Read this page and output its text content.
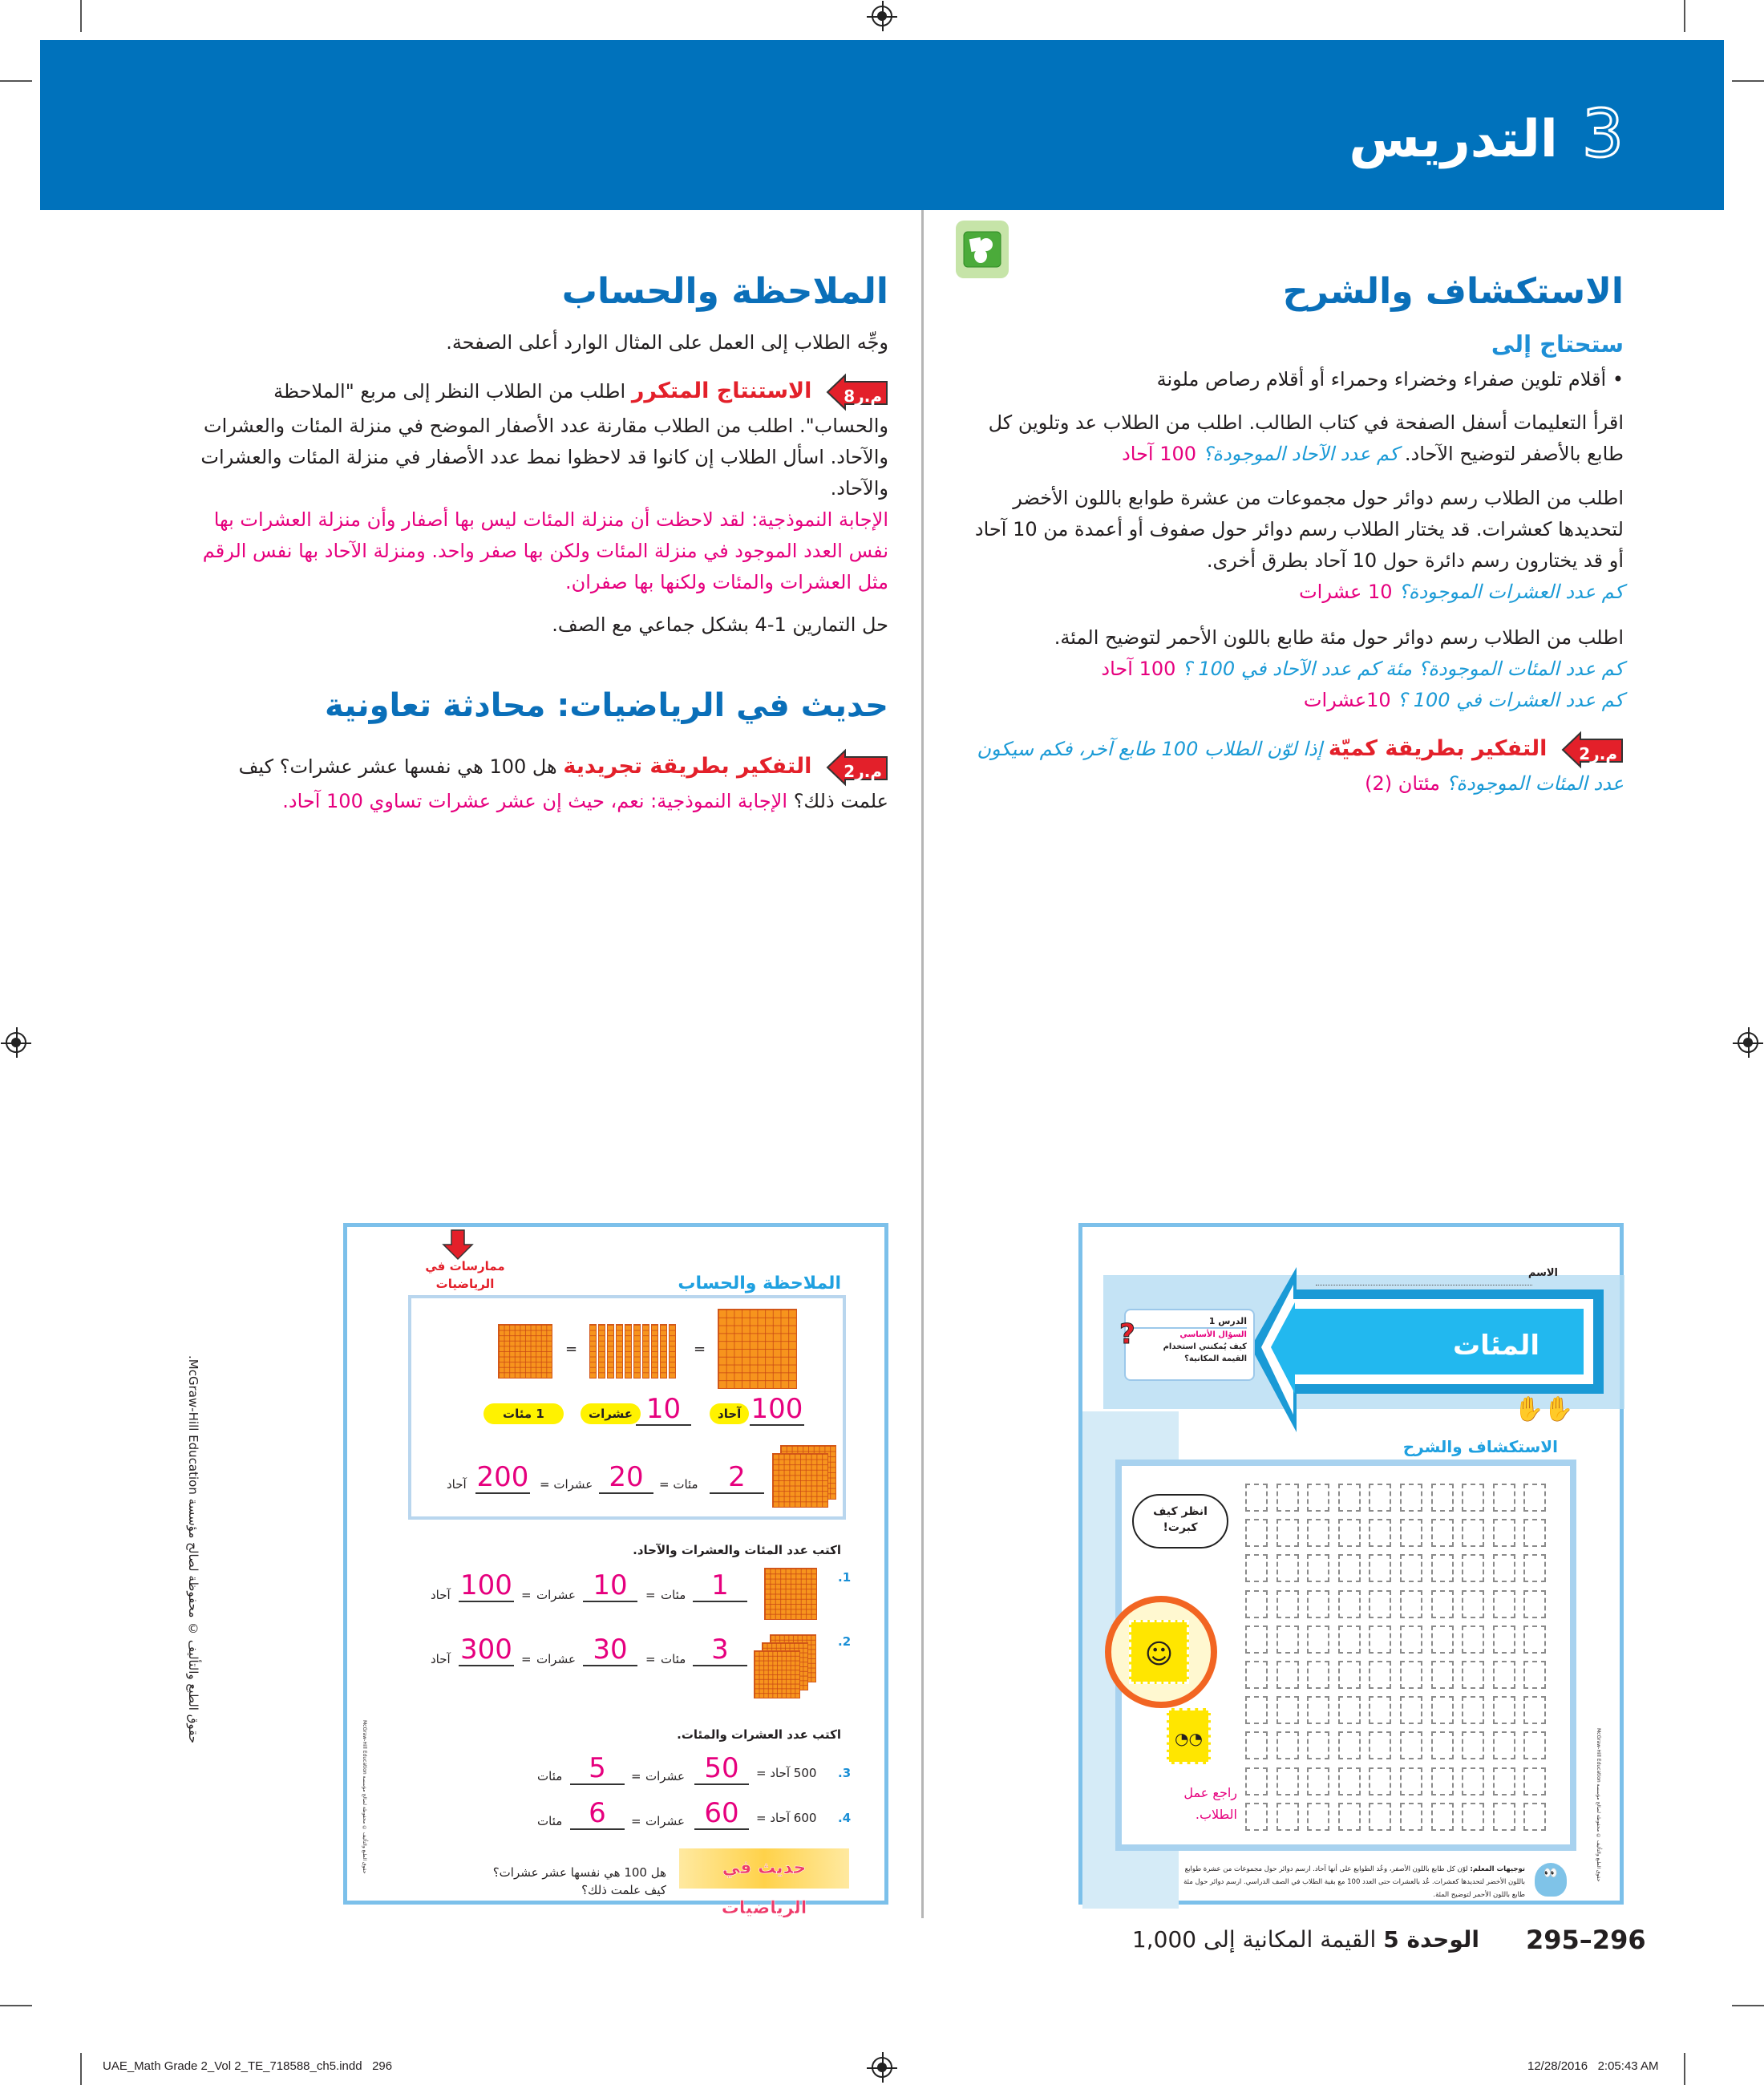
3التدريس
الاستكشاف والشرح
ستحتاج إلى
• أقلام تلوين صفراء وخضراء وحمراء أو أقلام رصاص ملونة
اقرأ التعليمات أسفل الصفحة في كتاب الطالب. اطلب من الطلاب عد وتلوين كل طابع بالأصفر لتوضيح الآحاد. كم عدد الآحاد الموجودة؟ 100 آحاد
اطلب من الطلاب رسم دوائر حول مجموعات من عشرة طوابع باللون الأخضر لتحديدها كعشرات. قد يختار الطلاب رسم دوائر حول صفوف أو أعمدة من 10 آحاد أو قد يختارون رسم دائرة حول 10 آحاد بطرق أخرى.
كم عدد العشرات الموجودة؟ 10 عشرات
اطلب من الطلاب رسم دوائر حول مئة طابع باللون الأحمر لتوضيح المئة.
كم عدد المئات الموجودة؟ مئة كم عدد الآحاد في 100 ؟ 100 آحاد
كم عدد العشرات في 100 ؟ 10عشرات
م.ر2
التفكير بطريقة كميّة إذا لوّن الطلاب 100 طابع آخر، فكم سيكون عدد المئات الموجودة؟ مئتان (2)
الملاحظة والحساب
وجِّه الطلاب إلى العمل على المثال الوارد أعلى الصفحة.
م.ر8
الاستنتاج المتكرر اطلب من الطلاب النظر إلى مربع "الملاحظة والحساب". اطلب من الطلاب مقارنة عدد الأصفار الموضح في منزلة المئات والعشرات والآحاد. اسأل الطلاب إن كانوا قد لاحظوا نمط عدد الأصفار في منزلة المئات والعشرات والآحاد.
الإجابة النموذجية: لقد لاحظت أن منزلة المئات ليس بها أصفار وأن منزلة العشرات بها نفس العدد الموجود في منزلة المئات ولكن بها صفر واحد. ومنزلة الآحاد بها نفس الرقم مثل العشرات والمئات ولكنها بها صفران.
حل التمارين 1-4 بشكل جماعي مع الصف.
حديث في الرياضيات: محادثة تعاونية
م.ر2
التفكير بطريقة تجريدية هل 100 هي نفسها عشر عشرات؟ كيف علمت ذلك؟ الإجابة النموذجية: نعم، حيث إن عشر عشرات تساوي 100 آحاد.
حقوق الطبع والتأليف © محفوظة لصالح مؤسسة McGraw-Hill Education.
الملاحظة والحساب
ممارسات في
الرياضيات
=
=
100
آحاد
10
عشرات
1 مئات
2
مئات =
20
عشرات =
200
آحاد
اكتب عدد المئات والعشرات والآحاد.
.1
1
مئات
=
10
عشرات
=
100
آحاد
.2
3
مئات
=
30
عشرات
=
300
آحاد
اكتب عدد العشرات والمئات.
.3
500 آحاد =
50
عشرات
=
5
مئات
.4
600 آحاد =
60
عشرات
=
6
مئات
حديث في الرياضيات
هل 100 هي نفسها عشر عشرات؟
كيف علمت ذلك؟
حقوق الطبع والتأليف © محفوظة لصالح مؤسسة McGraw-Hill Education
الاسم
المئات
الدرس 1
السؤال الأساسي
كيف يُمكنني استخدام القيمة المكانية؟
?
✋✋
الاستكشاف والشرح
انظر كيف كبرت!
☺
◔◔
راجع عمل الطلاب.
👀
توجيهات المعلم: لوّن كل طابع باللون الأصفر، وعُد الطوابع على أنها آحاد. ارسم دوائر حول مجموعات من عشرة طوابع باللون الأخضر لتحديدها كعشرات. عُد بالعشرات حتى العدد 100 مع بقية الطلاب في الصف الدراسي. ارسم دوائر حول مئة طابع باللون الأحمر لتوضيح المئة.
حقوق الطبع والتأليف © محفوظة لصالح مؤسسة McGraw-Hill Education
295–296
الوحدة 5 القيمة المكانية إلى 1,000
UAE_Math Grade 2_Vol 2_TE_718588_ch5.indd   296	12/28/2016   2:05:43 AM
